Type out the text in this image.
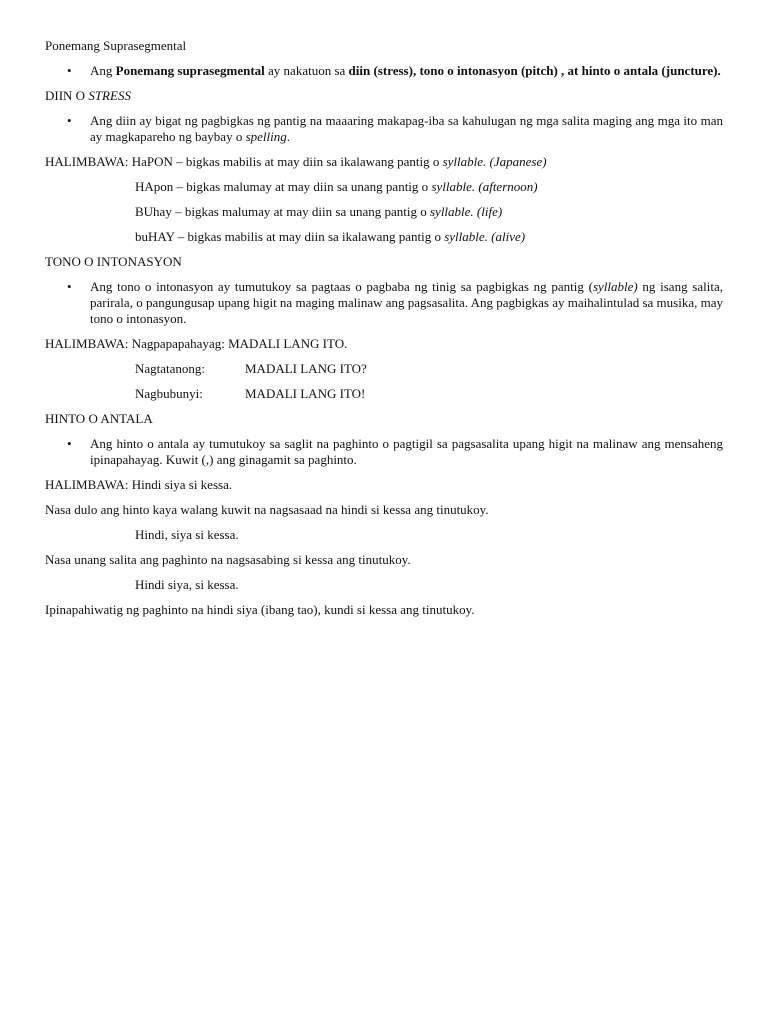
Ponemang Suprasegmental

• Ang Ponemang suprasegmental ay nakatuon sa diin (stress), tono o intonasyon (pitch) , at hinto o antala (juncture).

DIIN O STRESS

• Ang diin ay bigat ng pagbigkas ng pantig na maaaring makapag-iba sa kahulugan ng mga salita maging ang mga ito man ay magkapareho ng baybay o spelling.

HALIMBAWA: HaPON – bigkas mabilis at may diin sa ikalawang pantig o syllable. (Japanese)

HApon – bigkas malumay at may diin sa unang pantig o syllable. (afternoon)

BUhay – bigkas malumay at may diin sa unang pantig o syllable. (life)

buHAY – bigkas mabilis at may diin sa ikalawang pantig o syllable. (alive)

TONO O INTONASYON

• Ang tono o intonasyon ay tumutukoy sa pagtaas o pagbaba ng tinig sa pagbigkas ng pantig (syllable) ng isang salita, parirala, o pangungusap upang higit na maging malinaw ang pagsasalita. Ang pagbigkas ay maihalintulad sa musika, may tono o intonasyon.

HALIMBAWA: Nagpapapahayag: MADALI LANG ITO.

Nagtatanong:	MADALI LANG ITO?

Nagbubunyi:	MADALI LANG ITO!

HINTO O ANTALA

• Ang hinto o antala ay tumutukoy sa saglit na paghinto o pagtigil sa pagsasalita upang higit na malinaw ang mensaheng ipinapahayag. Kuwit (,) ang ginagamit sa paghinto.

HALIMBAWA: Hindi siya si kessa.

Nasa dulo ang hinto kaya walang kuwit na nagsasaad na hindi si kessa ang tinutukoy.

Hindi, siya si kessa.

Nasa unang salita ang paghinto na nagsasabing si kessa ang tinutukoy.

Hindi siya, si kessa.

Ipinapahiwatig ng paghinto na hindi siya (ibang tao), kundi si kessa ang tinutukoy.
